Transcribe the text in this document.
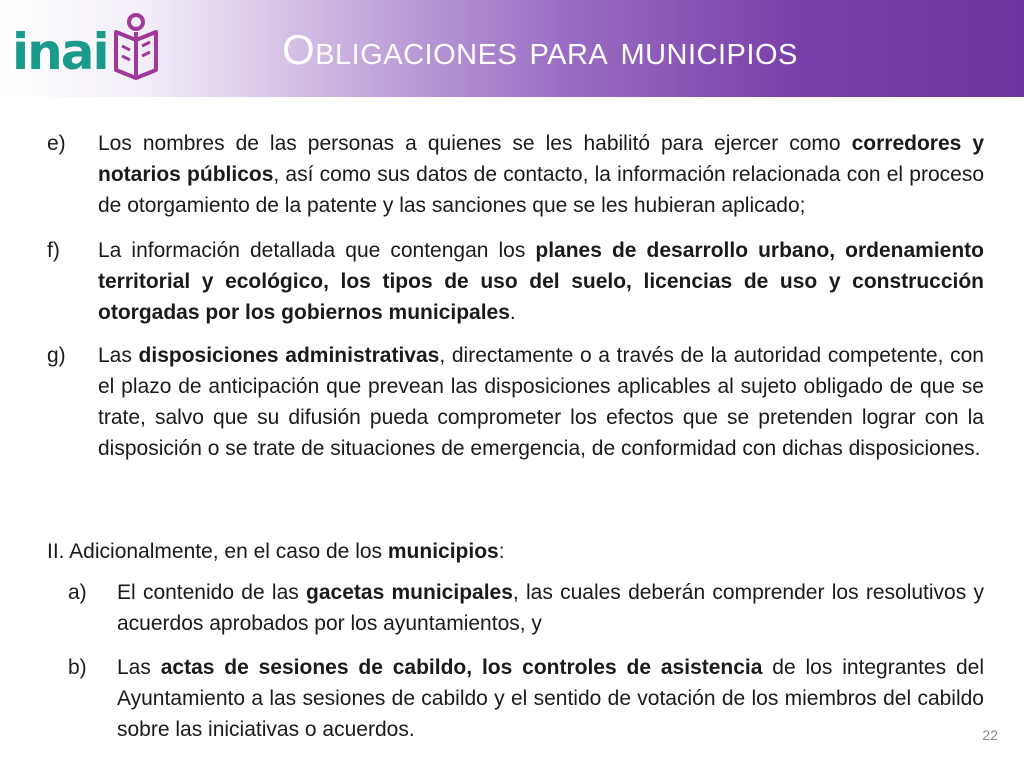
inai	Obligaciones para municipios
e) Los nombres de las personas a quienes se les habilitó para ejercer como corredores y notarios públicos, así como sus datos de contacto, la información relacionada con el proceso de otorgamiento de la patente y las sanciones que se les hubieran aplicado;

f) La información detallada que contengan los planes de desarrollo urbano, ordenamiento territorial y ecológico, los tipos de uso del suelo, licencias de uso y construcción otorgadas por los gobiernos municipales.

g) Las disposiciones administrativas, directamente o a través de la autoridad competente, con el plazo de anticipación que prevean las disposiciones aplicables al sujeto obligado de que se trate, salvo que su difusión pueda comprometer los efectos que se pretenden lograr con la disposición o se trate de situaciones de emergencia, de conformidad con dichas disposiciones.

II. Adicionalmente, en el caso de los municipios:
a) El contenido de las gacetas municipales, las cuales deberán comprender los resolutivos y acuerdos aprobados por los ayuntamientos, y

b) Las actas de sesiones de cabildo, los controles de asistencia de los integrantes del Ayuntamiento a las sesiones de cabildo y el sentido de votación de los miembros del cabildo sobre las iniciativas o acuerdos.	22
